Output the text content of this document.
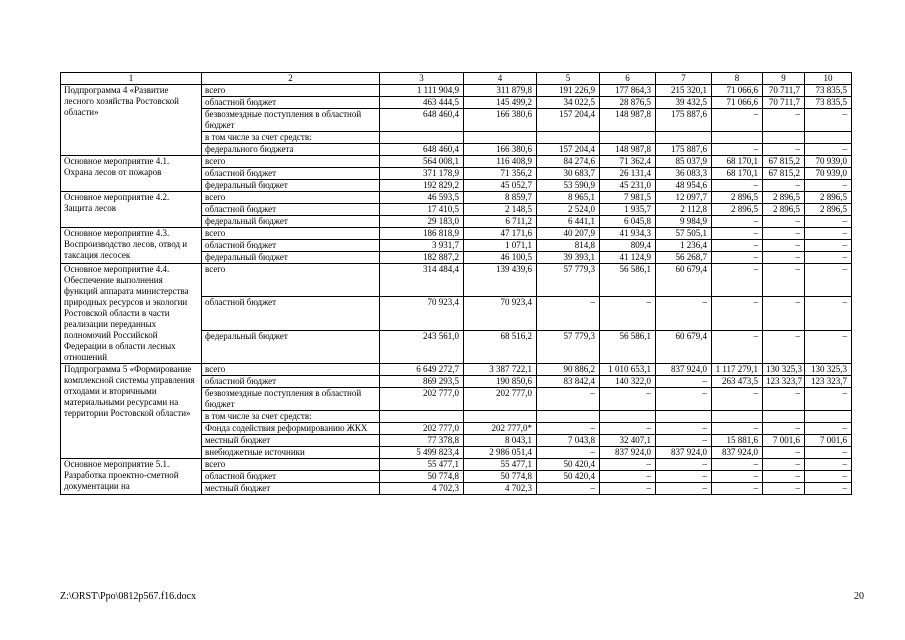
1	2	3	4	5	6	7	8	9	10
Подпрограмма 4 «Развитие лесного хозяйства Ростовской области»	всего	1 111 904,9	311 879,8	191 226,9	177 864,3	215 320,1	71 066,6	70 711,7	73 835,5
	областной бюджет	463 444,5	145 499,2	34 022,5	28 876,5	39 432,5	71 066,6	70 711,7	73 835,5
	безвозмездные поступления в областной бюджет	648 460,4	166 380,6	157 204,4	148 987,8	175 887,6	–	–	–
	в том числе за счет средств:								
	федерального бюджета	648 460,4	166 380,6	157 204,4	148 987,8	175 887,6	–	–	–
Основное мероприятие 4.1. Охрана лесов от пожаров	всего	564 008,1	116 408,9	84 274,6	71 362,4	85 037,9	68 170,1	67 815,2	70 939,0
	областной бюджет	371 178,9	71 356,2	30 683,7	26 131,4	36 083,3	68 170,1	67 815,2	70 939,0
	федеральный бюджет	192 829,2	45 052,7	53 590,9	45 231,0	48 954,6	–	–	–
Основное мероприятие 4.2. Защита лесов	всего	46 593,5	8 859,7	8 965,1	7 981,5	12 097,7	2 896,5	2 896,5	2 896,5
	областной бюджет	17 410,5	2 148,5	2 524,0	1 935,7	2 112,8	2 896,5	2 896,5	2 896,5
	федеральный бюджет	29 183,0	6 711,2	6 441,1	6 045,8	9 984,9	–	–	–
Основное мероприятие 4.3. Воспроизводство лесов, отвод и таксация лесосек	всего	186 818,9	47 171,6	40 207,9	41 934,3	57 505,1	–	–	–
	областной бюджет	3 931,7	1 071,1	814,8	809,4	1 236,4	–	–	–
	федеральный бюджет	182 887,2	46 100,5	39 393,1	41 124,9	56 268,7	–	–	–
Основное мероприятие 4.4. Обеспечение выполнения функций аппарата министерства природных ресурсов и экологии Ростовской области в части реализации переданных полномочий Российской Федерации в области лесных отношений	всего	314 484,4	139 439,6	57 779,3	56 586,1	60 679,4	–	–	–
	областной бюджет	70 923,4	70 923,4	–	–	–	–	–	–
	федеральный бюджет	243 561,0	68 516,2	57 779,3	56 586,1	60 679,4	–	–	–
Подпрограмма 5 «Формирование комплексной системы управления отходами и вторичными материальными ресурсами на территории Ростовской области»	всего	6 649 272,7	3 387 722,1	90 886,2	1 010 653,1	837 924,0	1 117 279,1	130 325,3	130 325,3
	областной бюджет	869 293,5	190 850,6	83 842,4	140 322,0	–	263 473,5	123 323,7	123 323,7
	безвозмездные поступления в областной бюджет	202 777,0	202 777,0	–	–	–	–	–	–
	в том числе за счет средств:								
	Фонда содействия реформированию ЖКХ	202 777,0	202 777,0*	–	–	–	–	–	–
	местный бюджет	77 378,8	8 043,1	7 043,8	32 407,1	–	15 881,6	7 001,6	7 001,6
	внебюджетные источники	5 499 823,4	2 986 051,4	–	837 924,0	837 924,0	837 924,0	–	–
Основное мероприятие 5.1. Разработка проектно-сметной документации на	всего	55 477,1	55 477,1	50 420,4	–	–	–	–	–
	областной бюджет	50 774,8	50 774,8	50 420,4	–	–	–	–	–
	местный бюджет	4 702,3	4 702,3	–	–	–	–	–	–
Z:\ORST\Ppo\0812p567.f16.docx	20
